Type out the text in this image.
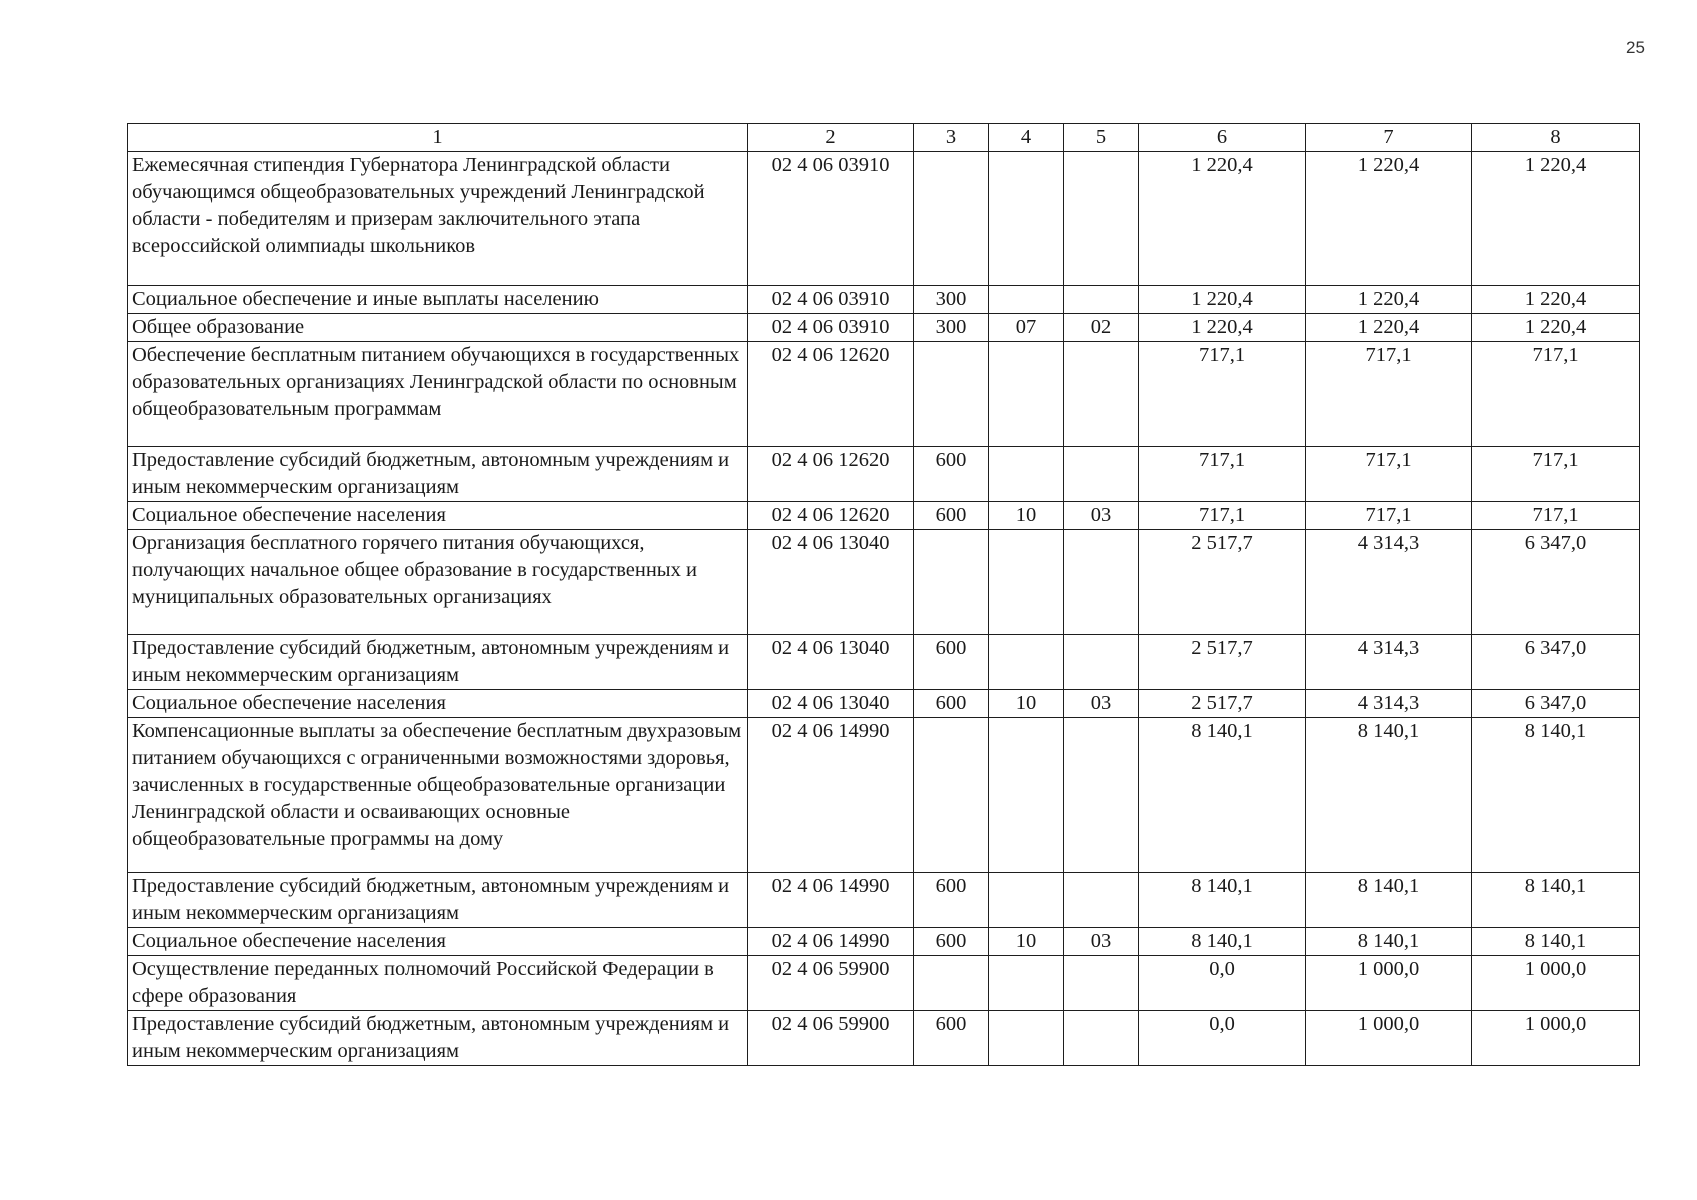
25
1	2	3	4	5	6	7	8
Ежемесячная стипендия Губернатора Ленинградской области обучающимся общеобразовательных учреждений Ленинградской области - победителям и призерам заключительного этапа всероссийской олимпиады школьников	02 4 06 03910				1 220,4	1 220,4	1 220,4
Социальное обеспечение и иные выплаты населению	02 4 06 03910	300			1 220,4	1 220,4	1 220,4
Общее образование	02 4 06 03910	300	07	02	1 220,4	1 220,4	1 220,4
Обеспечение бесплатным питанием обучающихся в государственных образовательных организациях Ленинградской области по основным общеобразовательным программам	02 4 06 12620				717,1	717,1	717,1
Предоставление субсидий бюджетным, автономным учреждениям и иным некоммерческим организациям	02 4 06 12620	600			717,1	717,1	717,1
Социальное обеспечение населения	02 4 06 12620	600	10	03	717,1	717,1	717,1
Организация бесплатного горячего питания обучающихся, получающих начальное общее образование в государственных и муниципальных образовательных организациях	02 4 06 13040				2 517,7	4 314,3	6 347,0
Предоставление субсидий бюджетным, автономным учреждениям и иным некоммерческим организациям	02 4 06 13040	600			2 517,7	4 314,3	6 347,0
Социальное обеспечение населения	02 4 06 13040	600	10	03	2 517,7	4 314,3	6 347,0
Компенсационные выплаты за обеспечение бесплатным двухразовым питанием обучающихся с ограниченными возможностями здоровья, зачисленных в государственные общеобразовательные организации Ленинградской области и осваивающих основные общеобразовательные программы на дому	02 4 06 14990				8 140,1	8 140,1	8 140,1
Предоставление субсидий бюджетным, автономным учреждениям и иным некоммерческим организациям	02 4 06 14990	600			8 140,1	8 140,1	8 140,1
Социальное обеспечение населения	02 4 06 14990	600	10	03	8 140,1	8 140,1	8 140,1
Осуществление переданных полномочий Российской Федерации в сфере образования	02 4 06 59900				0,0	1 000,0	1 000,0
Предоставление субсидий бюджетным, автономным учреждениям и иным некоммерческим организациям	02 4 06 59900	600			0,0	1 000,0	1 000,0
